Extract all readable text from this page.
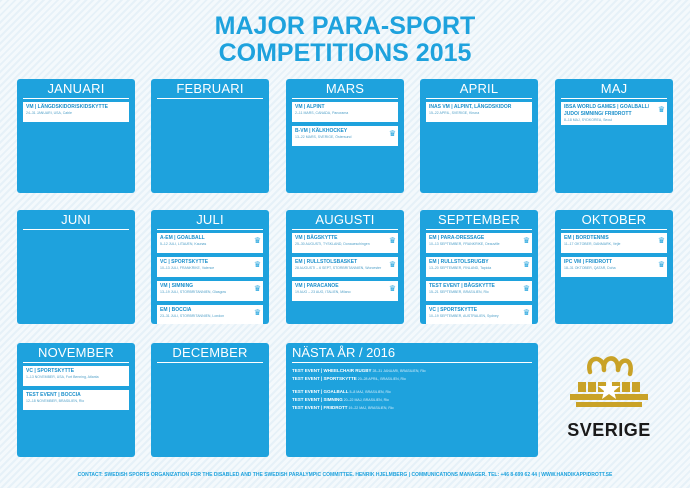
MAJOR PARA-SPORT
COMPETITIONS 2015
JANUARI
VM | LÄNGDSKIDOR/SKIDSKYTTE
24–31 JANUARI, USA, Cable
FEBRUARI	MARS
VM | ALPINT
2–11 MARS, CANADA, Panorama
B-VM | KÄLKHOCKEY
13–22 MARS, SVERIGE, Östersund	♛
APRIL
INAS VM | ALPINT, LÄNGDSKIDOR
15–22 APRIL, SVERIGE, Kiruna
MAJ
IBSA WORLD GAMES | GOALBALL/
JUDO/ SIMNING/ FRIIDROTT
8–18 MAJ, SYDKOREA, Seoul
♛
JUNI	JULI
A-EM | GOALBALL
5–12 JULI, LITAUEN, Kaunas	♛
VC | SPORTSKYTTE
10–13 JULI, FRANKRIKE, Valence	♛
VM | SIMNING
13–19 JULI, STORBRITANNIEN, Glasgow	♛
EM | BOCCIA
23–31 JULI, STORBRITANNIEN, London	♛
AUGUSTI
VM | BÅGSKYTTE
25–30 AUGUSTI, TYSKLAND, Donaueschingen	♛
EM | RULLSTOLSBASKET
28 AUGUSTI – 6 SEPT, STORBRITANNIEN, Worcester ♛
VM | PARACANOE
19 AUG – 23 AUG, ITALIEN, Milano	♛
SEPTEMBER
EM | PARA-DRESSAGE
10–13 SEPTEMBER, FRANKRIKE, Deauville	♛
EM | RULLSTOLSRUGBY
13–20 SEPTEMBER, FINLAND, Tapiola	♛
TEST EVENT | BÅGSKYTTE
15–21 SEPTEMBER, BRASILIEN, Rio	♛
VC | SPORTSKYTTE
10–19 SEPTEMBER, AUSTRALIEN, Sydney	♛
OKTOBER
EM | BORDTENNIS
11–17 OKTOBER, DANMARK, Vejle	♛
IPC VM | FRIIDROTT
18–31 OKTOBER, QATAR, Doha	♛
NOVEMBER
VC | SPORTSKYTTE
1–13 NOVEMBER, USA, Fort Benning, Atlanta
TEST EVENT | BOCCIA
12–18 NOVEMBER, BRASILIEN, Rio
DECEMBER	NÄSTA ÅR / 2016
TEST EVENT | WHEELCHAIR RUGBY 28–31 JANUARI, BRASILIEN, Rio
TEST EVENT | SPORTSKYTTE 20–28 APRIL, BRASILIEN, Rio
TEST EVENT | GOALBALL 5–8 MAJ, BRASILIEN, Rio
TEST EVENT | SIMNING 20–22 MAJ, BRASILIEN, Rio
TEST EVENT | FRIIDROTT 19–22 MAJ, BRASILIEN, Rio
SVERIGE
CONTACT: SWEDISH SPORTS ORGANIZATION FOR THE DISABLED AND THE SWEDISH PARALYMPIC COMMITTEE. HENRIK HJELMBERG | COMMUNICATIONS MANAGER. TEL: +46 8-699 62 44 | WWW.HANDIKAPPIDROTT.SE
